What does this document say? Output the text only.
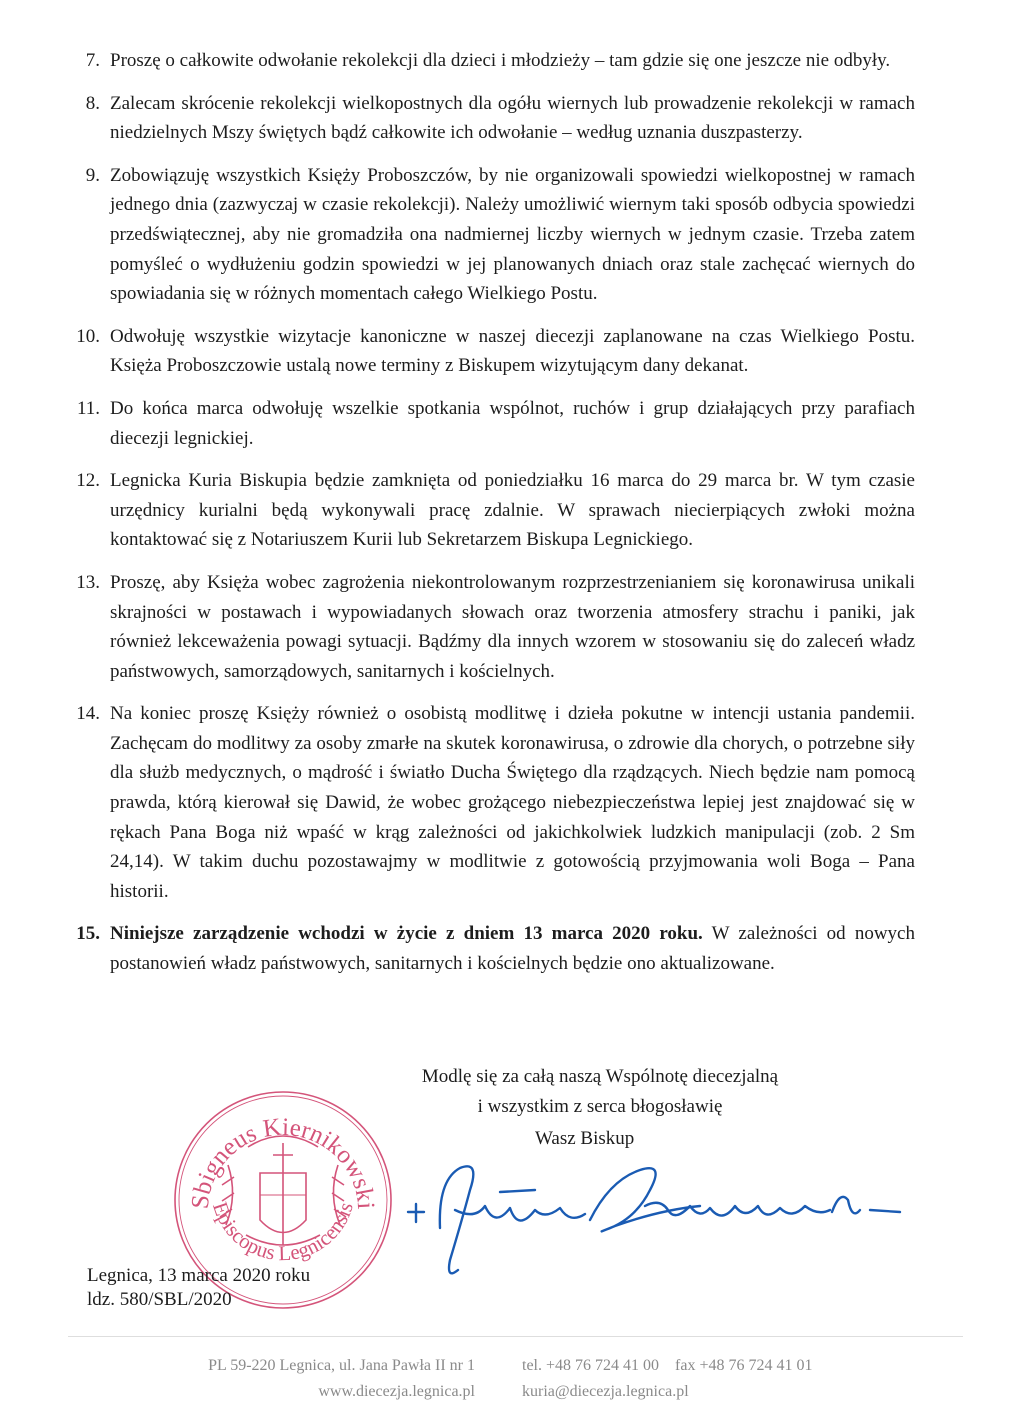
7. Proszę o całkowite odwołanie rekolekcji dla dzieci i młodzieży – tam gdzie się one jeszcze nie odbyły.
8. Zalecam skrócenie rekolekcji wielkopostnych dla ogółu wiernych lub prowadzenie rekolekcji w ramach niedzielnych Mszy świętych bądź całkowite ich odwołanie – według uznania duszpasterzy.
9. Zobowiązuję wszystkich Księży Proboszczów, by nie organizowali spowiedzi wielkopostnej w ramach jednego dnia (zazwyczaj w czasie rekolekcji). Należy umożliwić wiernym taki sposób odbycia spowiedzi przedświątecznej, aby nie gromadziła ona nadmiernej liczby wiernych w jednym czasie. Trzeba zatem pomyśleć o wydłużeniu godzin spowiedzi w jej planowanych dniach oraz stale zachęcać wiernych do spowiadania się w różnych momentach całego Wielkiego Postu.
10. Odwołuję wszystkie wizytacje kanoniczne w naszej diecezji zaplanowane na czas Wielkiego Postu. Księża Proboszczowie ustalą nowe terminy z Biskupem wizytującym dany dekanat.
11. Do końca marca odwołuję wszelkie spotkania wspólnot, ruchów i grup działających przy parafiach diecezji legnickiej.
12. Legnicka Kuria Biskupia będzie zamknięta od poniedziałku 16 marca do 29 marca br. W tym czasie urzędnicy kurialni będą wykonywali pracę zdalnie. W sprawach niecierpiących zwłoki można kontaktować się z Notariuszem Kurii lub Sekretarzem Biskupa Legnickiego.
13. Proszę, aby Księża wobec zagrożenia niekontrolowanym rozprzestrzenianiem się koronawirusa unikali skrajności w postawach i wypowiadanych słowach oraz tworzenia atmosfery strachu i paniki, jak również lekceważenia powagi sytuacji. Bądźmy dla innych wzorem w stosowaniu się do zaleceń władz państwowych, samorządowych, sanitarnych i kościelnych.
14. Na koniec proszę Księży również o osobistą modlitwę i dzieła pokutne w intencji ustania pandemii. Zachęcam do modlitwy za osoby zmarłe na skutek koronawirusa, o zdrowie dla chorych, o potrzebne siły dla służb medycznych, o mądrość i światło Ducha Świętego dla rządzących. Niech będzie nam pomocą prawda, którą kierował się Dawid, że wobec grożącego niebezpieczeństwa lepiej jest znajdować się w rękach Pana Boga niż wpaść w krąg zależności od jakichkolwiek ludzkich manipulacji (zob. 2 Sm 24,14). W takim duchu pozostawajmy w modlitwie z gotowością przyjmowania woli Boga – Pana historii.
15. Niniejsze zarządzenie wchodzi w życie z dniem 13 marca 2020 roku. W zależności od nowych postanowień władz państwowych, sanitarnych i kościelnych będzie ono aktualizowane.
Modlę się za całą naszą Wspólnotę diecezjalną
i wszystkim z serca błogosławię
Wasz Biskup
Sbigneus Kiernikowski
Episcopus Legnicensis
Legnica, 13 marca 2020 roku
ldz. 580/SBL/2020
PL 59-220 Legnica, ul. Jana Pawła II nr 1
www.diecezja.legnica.pl
tel. +48 76 724 41 00    fax +48 76 724 41 01
kuria@diecezja.legnica.pl
